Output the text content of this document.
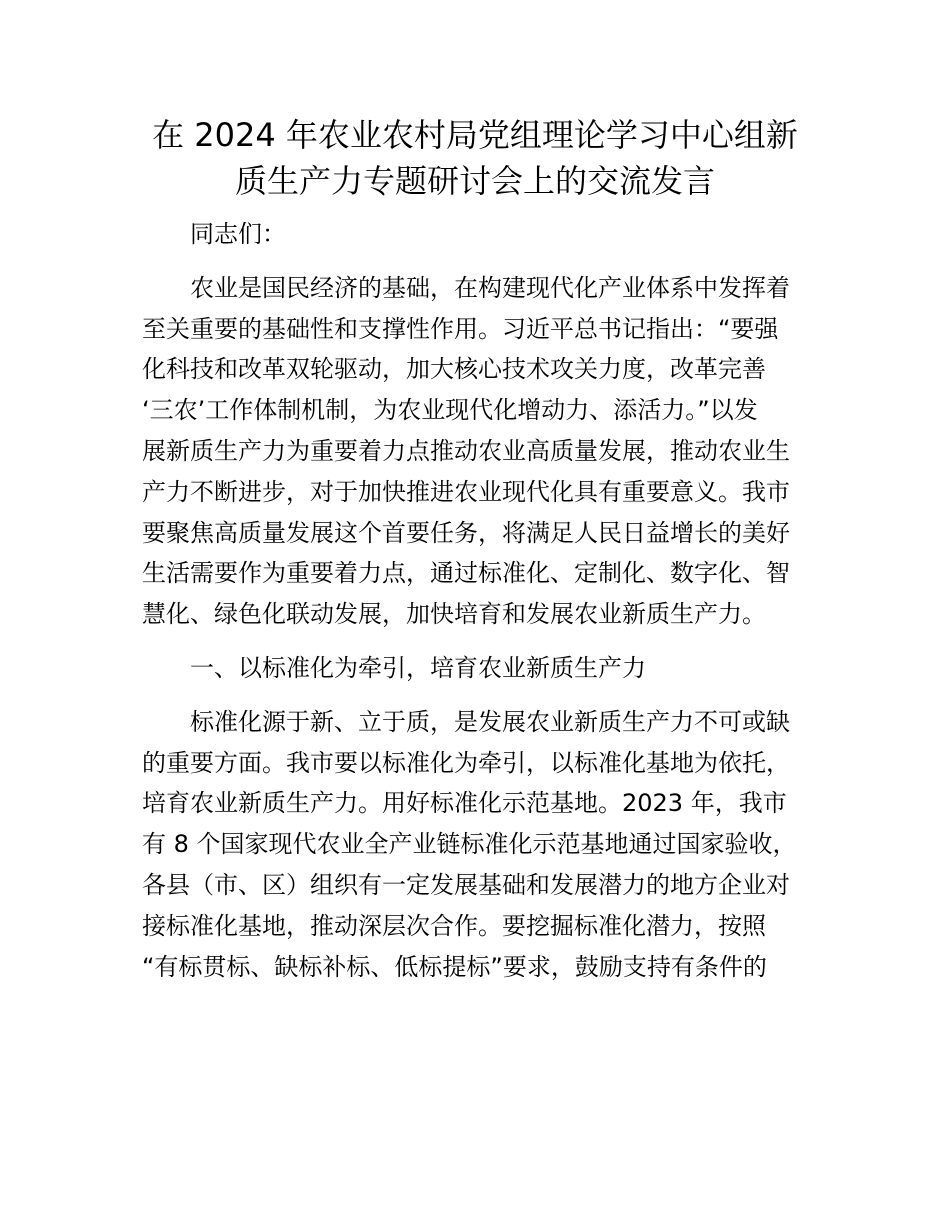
在 2024 年农业农村局党组理论学习中心组新
质生产力专题研讨会上的交流发言

同志们：

农业是国民经济的基础，在构建现代化产业体系中发挥着
至关重要的基础性和支撑性作用。习近平总书记指出：“要强
化科技和改革双轮驱动，加大核心技术攻关力度，改革完善
‘三农’工作体制机制，为农业现代化增动力、添活力。”以发
展新质生产力为重要着力点推动农业高质量发展，推动农业生
产力不断进步，对于加快推进农业现代化具有重要意义。我市
要聚焦高质量发展这个首要任务，将满足人民日益增长的美好
生活需要作为重要着力点，通过标准化、定制化、数字化、智
慧化、绿色化联动发展，加快培育和发展农业新质生产力。

一、以标准化为牵引，培育农业新质生产力

标准化源于新、立于质，是发展农业新质生产力不可或缺
的重要方面。我市要以标准化为牵引，以标准化基地为依托，
培育农业新质生产力。用好标准化示范基地。2023 年，我市
有 8 个国家现代农业全产业链标准化示范基地通过国家验收，
各县（市、区）组织有一定发展基础和发展潜力的地方企业对
接标准化基地，推动深层次合作。要挖掘标准化潜力，按照
“有标贯标、缺标补标、低标提标”要求，鼓励支持有条件的
